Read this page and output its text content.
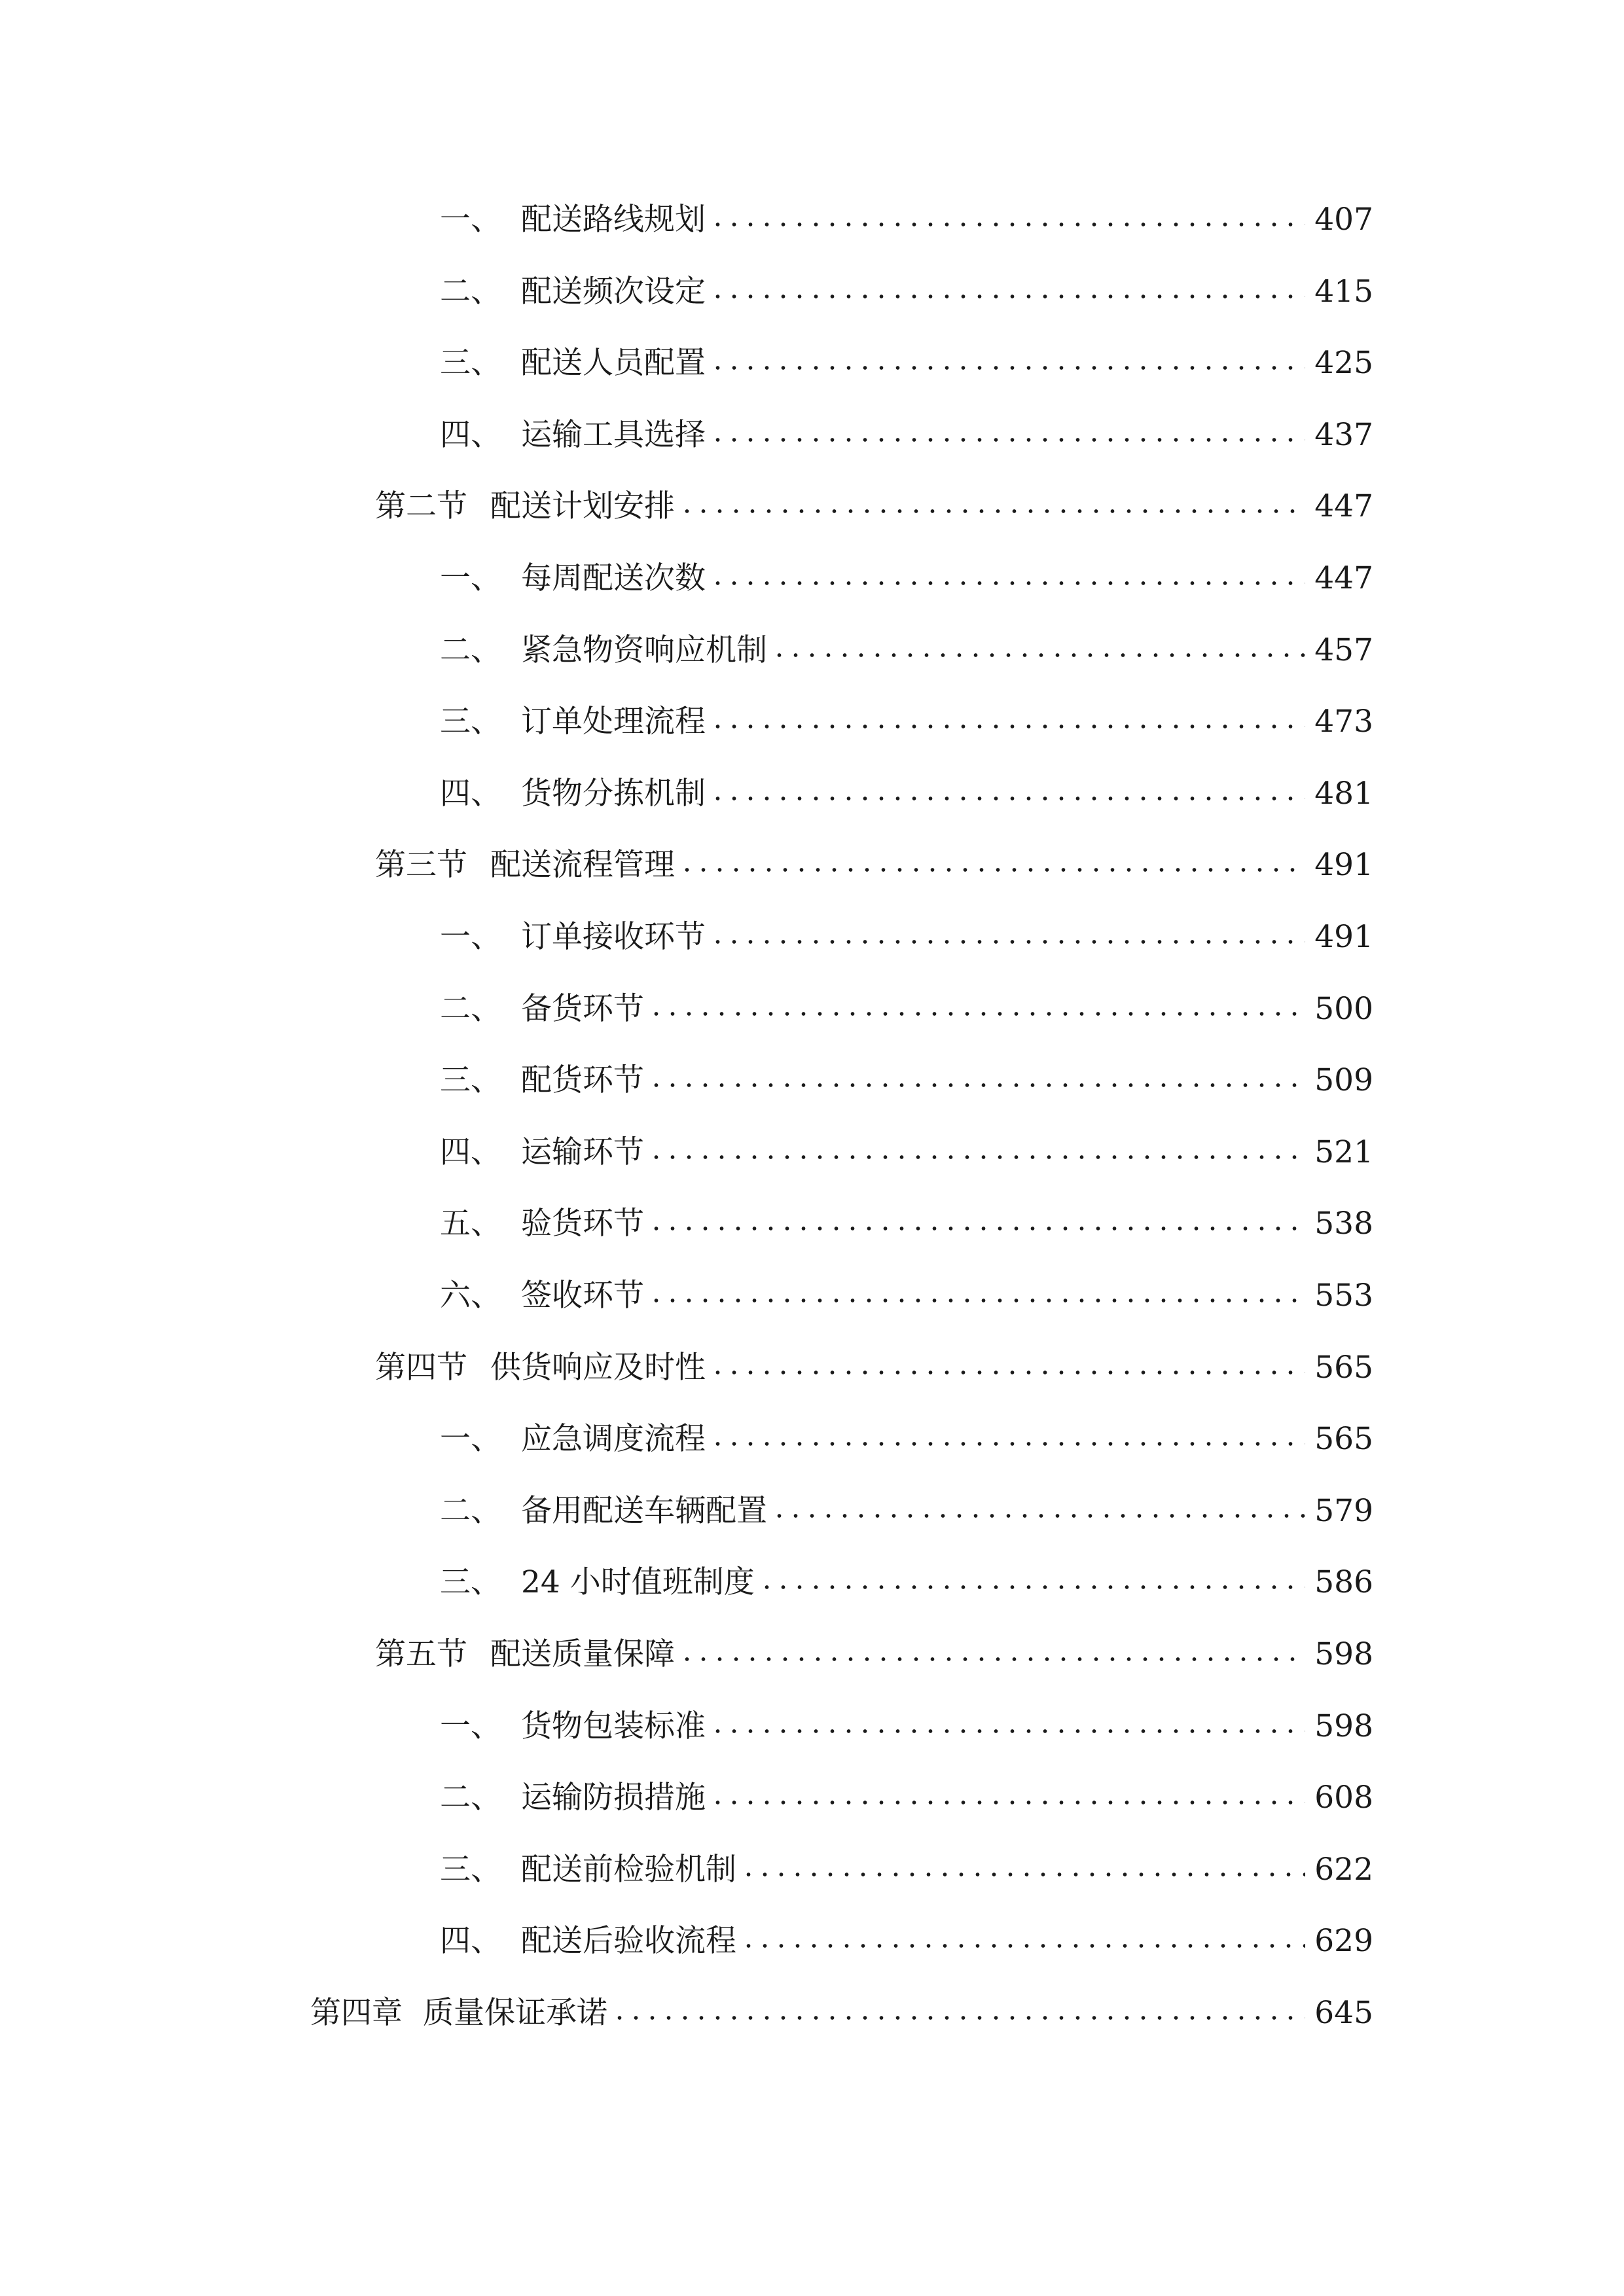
一、 配送路线规划	407
二、 配送频次设定	415
三、 配送人员配置	425
四、 运输工具选择	437
第二节 配送计划安排	447
一、 每周配送次数	447
二、 紧急物资响应机制	457
三、 订单处理流程	473
四、 货物分拣机制	481
第三节 配送流程管理	491
一、 订单接收环节	491
二、 备货环节	500
三、 配货环节	509
四、 运输环节	521
五、 验货环节	538
六、 签收环节	553
第四节 供货响应及时性	565
一、 应急调度流程	565
二、 备用配送车辆配置	579
三、 24 小时值班制度	586
第五节 配送质量保障	598
一、 货物包装标准	598
二、 运输防损措施	608
三、 配送前检验机制	622
四、 配送后验收流程	629
第四章 质量保证承诺	645
